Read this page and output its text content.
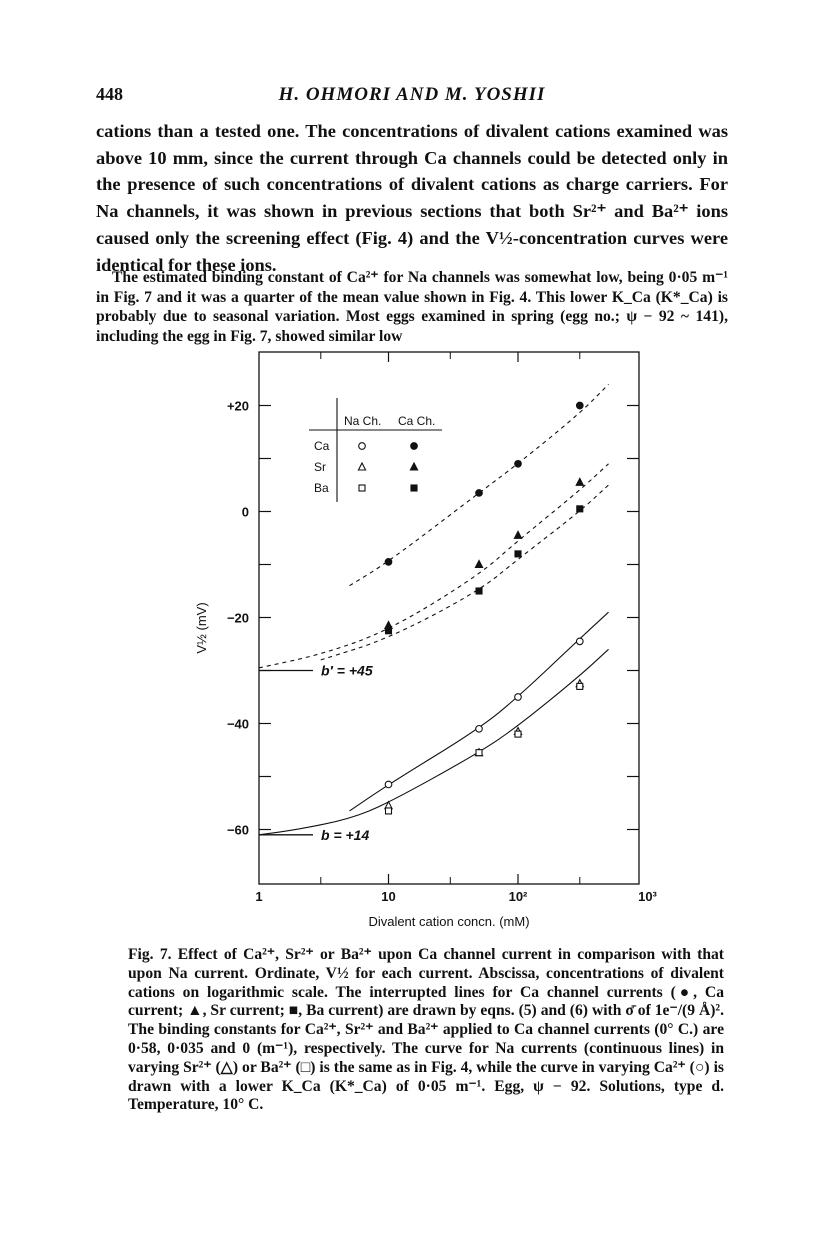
448	H. OHMORI AND M. YOSHII

cations than a tested one. The concentrations of divalent cations examined was above 10 mm, since the current through Ca channels could be detected only in the presence of such concentrations of divalent cations as charge carriers. For Na channels, it was shown in previous sections that both Sr²⁺ and Ba²⁺ ions caused only the screening effect (Fig. 4) and the V½-concentration curves were identical for these ions.

The estimated binding constant of Ca²⁺ for Na channels was somewhat low, being 0·05 m⁻¹ in Fig. 7 and it was a quarter of the mean value shown in Fig. 4. This lower K_Ca (K*_Ca) is probably due to seasonal variation. Most eggs examined in spring (egg no.; ψ − 92 ~ 141), including the egg in Fig. 7, showed similar low

1	10	10²	10³
+20
0
−20
−40
−60
Divalent cation concn. (mM)
V½ (mV)
b′ = +45
b = +14
Na Ch. Ca Ch.
Ca
Sr
Ba

Fig. 7. Effect of Ca²⁺, Sr²⁺ or Ba²⁺ upon Ca channel current in comparison with that upon Na current. Ordinate, V½ for each current. Abscissa, concentrations of divalent cations on logarithmic scale. The interrupted lines for Ca channel currents (●, Ca current; ▲, Sr current; ■, Ba current) are drawn by eqns. (5) and (6) with σ̄ of 1e⁻/(9 Å)². The binding constants for Ca²⁺, Sr²⁺ and Ba²⁺ applied to Ca channel currents (0° C.) are 0·58, 0·035 and 0 (m⁻¹), respectively. The curve for Na currents (continuous lines) in varying Sr²⁺ (△) or Ba²⁺ (□) is the same as in Fig. 4, while the curve in varying Ca²⁺ (○) is drawn with a lower K_Ca (K*_Ca) of 0·05 m⁻¹. Egg, ψ − 92. Solutions, type d. Temperature, 10° C.
